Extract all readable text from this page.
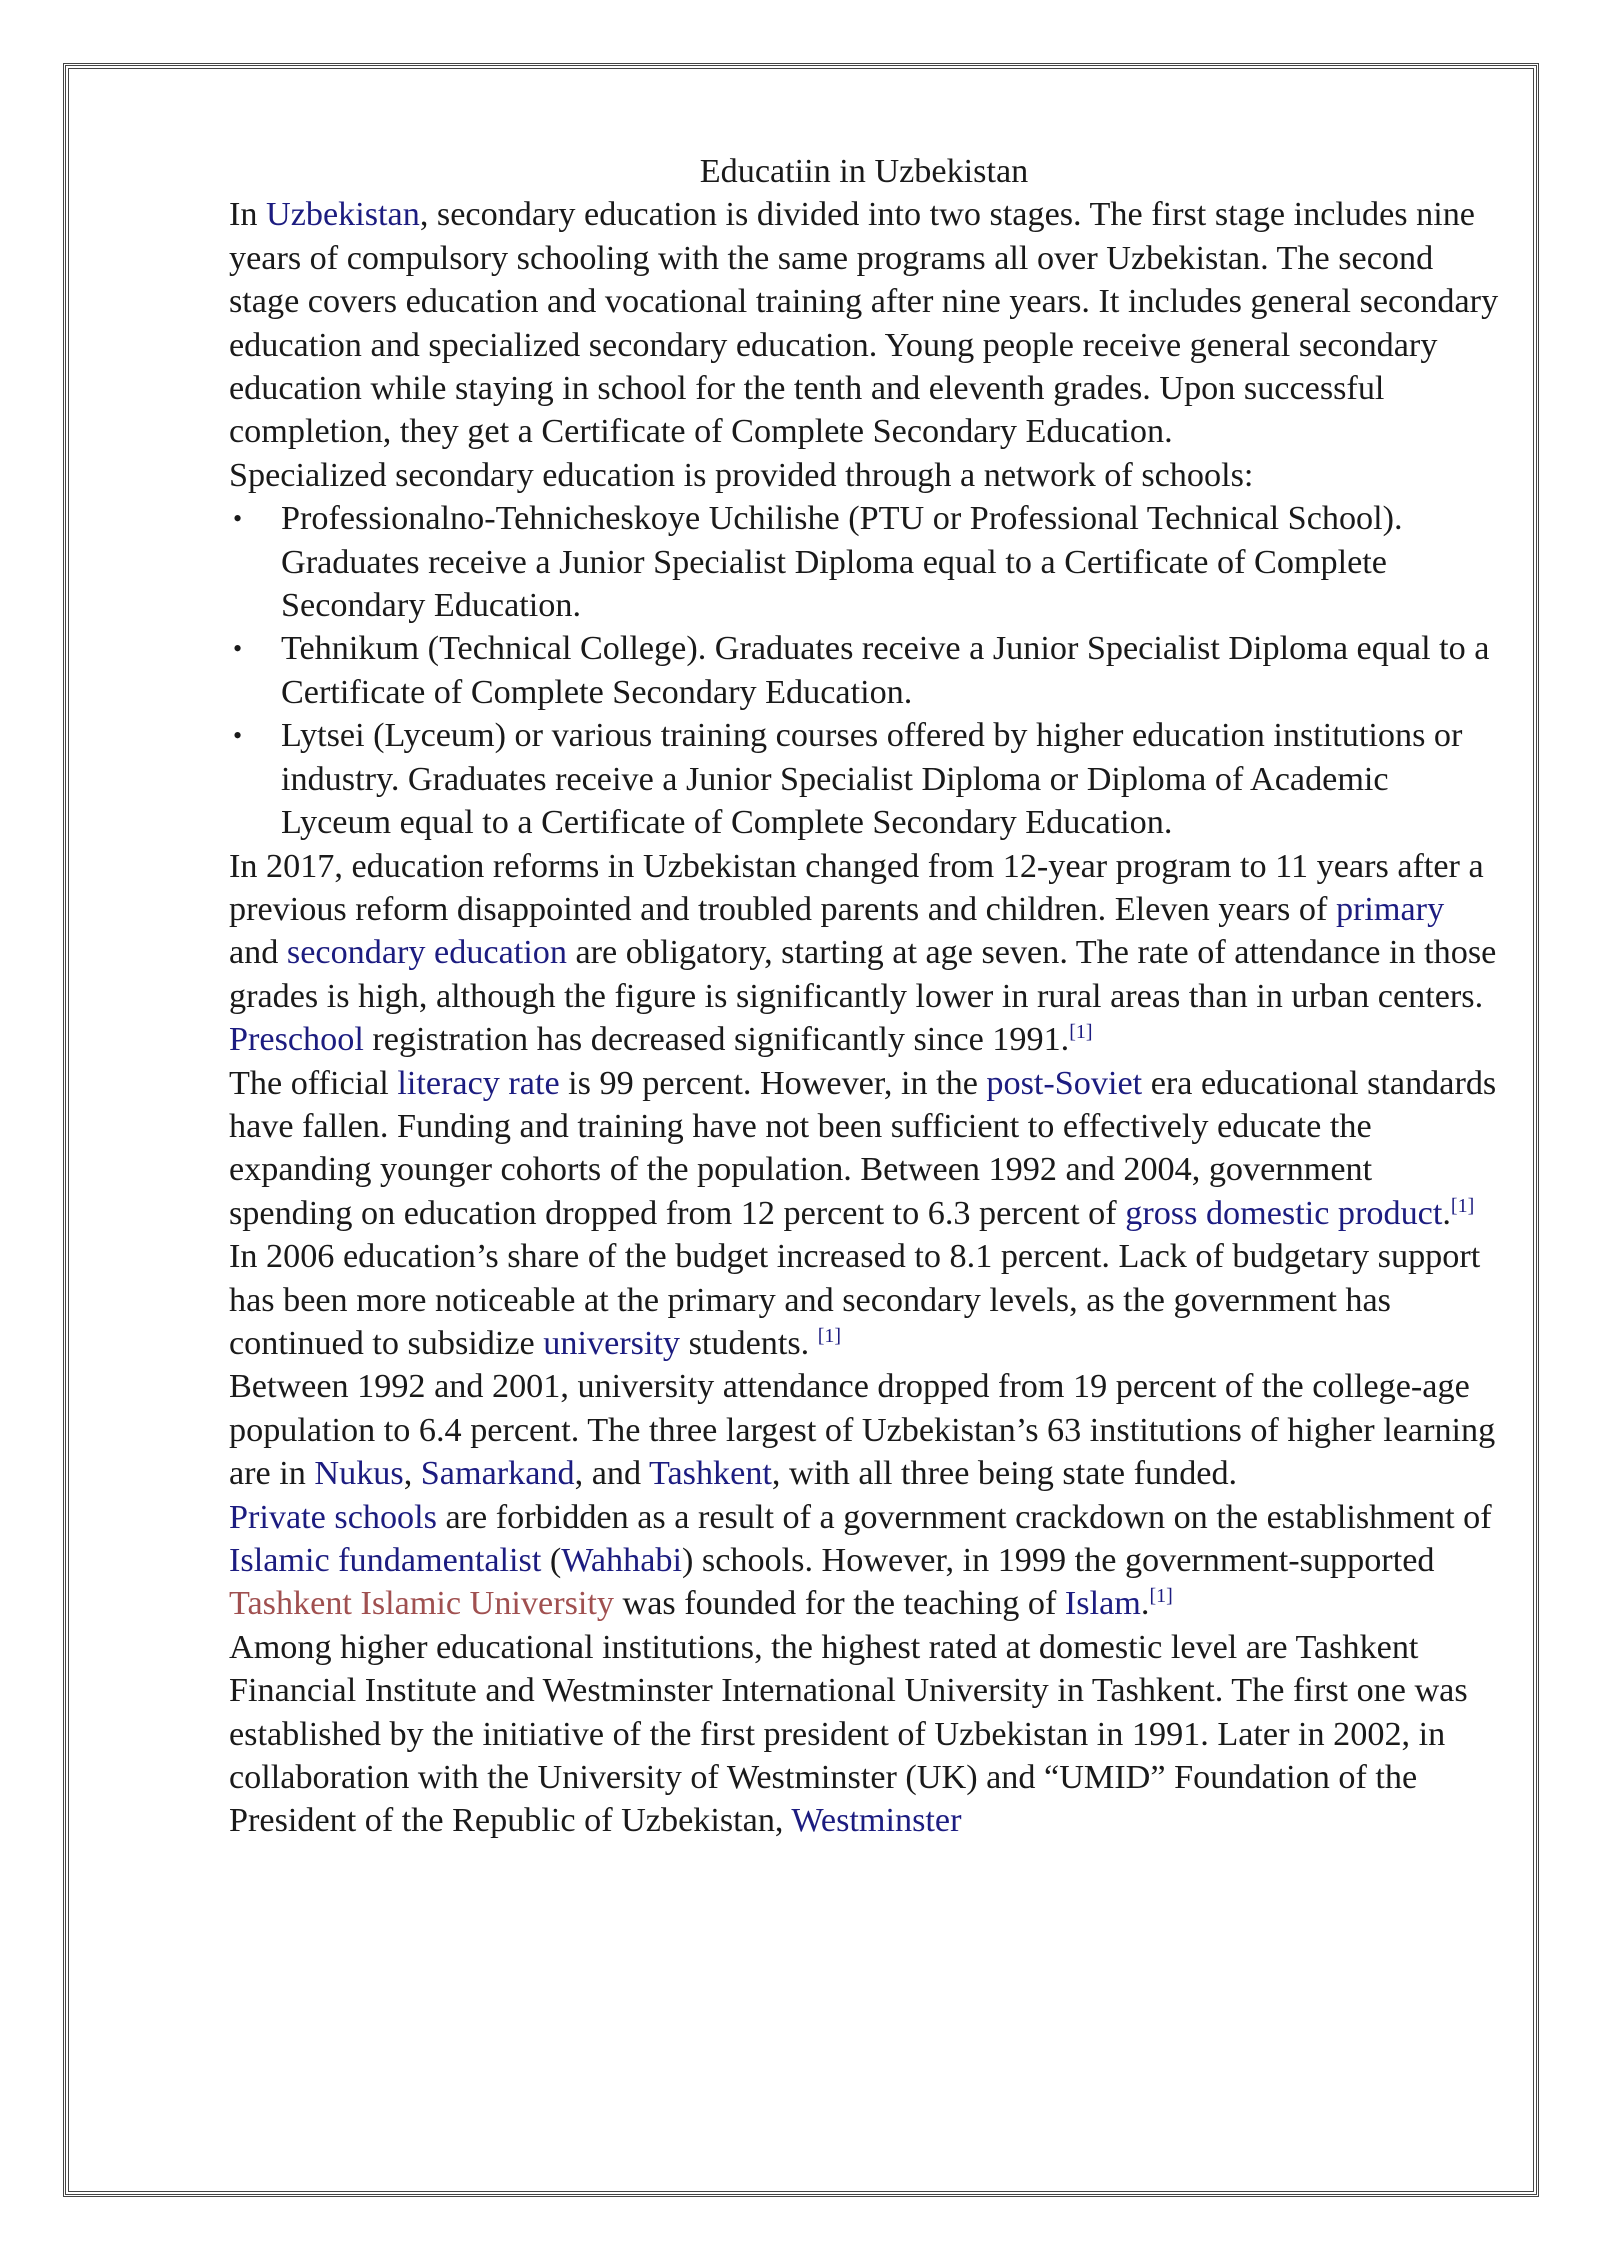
Educatiin in Uzbekistan

In Uzbekistan, secondary education is divided into two stages. The first stage includes nine years of compulsory schooling with the same programs all over Uzbekistan. The second stage covers education and vocational training after nine years. It includes general secondary education and specialized secondary education. Young people receive general secondary education while staying in school for the tenth and eleventh grades. Upon successful completion, they get a Certificate of Complete Secondary Education.

Specialized secondary education is provided through a network of schools:

• Professionalno-Tehnicheskoye Uchilishe (PTU or Professional Technical School). Graduates receive a Junior Specialist Diploma equal to a Certificate of Complete Secondary Education.
• Tehnikum (Technical College). Graduates receive a Junior Specialist Diploma equal to a Certificate of Complete Secondary Education.
• Lytsei (Lyceum) or various training courses offered by higher education institutions or industry. Graduates receive a Junior Specialist Diploma or Diploma of Academic Lyceum equal to a Certificate of Complete Secondary Education.

In 2017, education reforms in Uzbekistan changed from 12-year program to 11 years after a previous reform disappointed and troubled parents and children. Eleven years of primary and secondary education are obligatory, starting at age seven. The rate of attendance in those grades is high, although the figure is significantly lower in rural areas than in urban centers. Preschool registration has decreased significantly since 1991.[1]

The official literacy rate is 99 percent. However, in the post-Soviet era educational standards have fallen. Funding and training have not been sufficient to effectively educate the expanding younger cohorts of the population. Between 1992 and 2004, government spending on education dropped from 12 percent to 6.3 percent of gross domestic product.[1] In 2006 education’s share of the budget increased to 8.1 percent. Lack of budgetary support has been more noticeable at the primary and secondary levels, as the government has continued to subsidize university students. [1]

Between 1992 and 2001, university attendance dropped from 19 percent of the college-age population to 6.4 percent. The three largest of Uzbekistan’s 63 institutions of higher learning are in Nukus, Samarkand, and Tashkent, with all three being state funded.

Private schools are forbidden as a result of a government crackdown on the establishment of Islamic fundamentalist (Wahhabi) schools. However, in 1999 the government-supported Tashkent Islamic University was founded for the teaching of Islam.[1]

Among higher educational institutions, the highest rated at domestic level are Tashkent Financial Institute and Westminster International University in Tashkent. The first one was established by the initiative of the first president of Uzbekistan in 1991. Later in 2002, in collaboration with the University of Westminster (UK) and “UMID” Foundation of the President of the Republic of Uzbekistan, Westminster
